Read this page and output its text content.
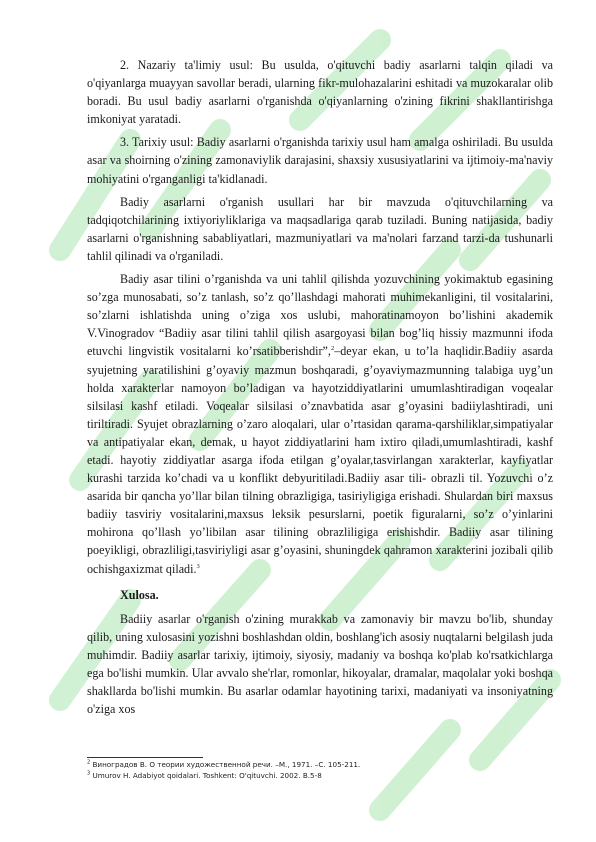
2. Nazariy ta'limiy usul: Bu usulda, o'qituvchi badiy asarlarni talqin qiladi va o'qiyanlarga muayyan savollar beradi, ularning fikr-mulohazalarini eshitadi va muzokaralar olib boradi. Bu usul badiy asarlarni o'rganishda o'qiyanlarning o'zining fikrini shakllantirishga imkoniyat yaratadi.

3. Tarixiy usul: Badiy asarlarni o'rganishda tarixiy usul ham amalga oshiriladi. Bu usulda asar va shoirning o'zining zamonaviylik darajasini, shaxsiy xususiyatlarini va ijtimoiy-ma'naviy mohiyatini o'rganganligi ta'kidlanadi.

Badiy asarlarni o'rganish usullari har bir mavzuda o'qituvchilarning va tadqiqotchilarining ixtiyoriyliklariga va maqsadlariga qarab tuziladi. Buning natijasida, badiy asarlarni o'rganishning sababliyatlari, mazmuniyatlari va ma'nolari farzand tarzi-da tushunarli tahlil qilinadi va o'rganiladi.

Badiy asar tilini o’rganishda va uni tahlil qilishda yozuvchining yokimaktub egasining so’zga munosabati, so’z tanlash, so’z qo’llashdagi mahorati muhimekanligini, til vositalarini, so’zlarni ishlatishda uning o’ziga xos uslubi, mahoratinamoyon bo’lishini akademik V.Vinogradov “Badiiy asar tilini tahlil qilish asargoyasi bilan bog’liq hissiy mazmunni ifoda etuvchi lingvistik vositalarni ko’rsatibberishdir”,$^2$–deyar ekan, u to’la haqlidir.Badiiy asarda syujetning yaratilishini g’oyaviy mazmun boshqaradi, g’oyaviymazmunning talabiga uyg’un holda xarakterlar namoyon bo’ladigan va hayotziddiyatlarini umumlashtiradigan voqealar silsilasi kashf etiladi. Voqealar silsilasi o’znavbatida asar g’oyasini badiiylashtiradi, uni tiriltiradi. Syujet obrazlarning o’zaro aloqalari, ular o’rtasidan qarama-qarshiliklar,simpatiyalar va antipatiyalar ekan, demak, u hayot ziddiyatlarini ham ixtiro qiladi,umumlashtiradi, kashf etadi. hayotiy ziddiyatlar asarga ifoda etilgan g’oyalar,tasvirlangan xarakterlar, kayfiyatlar kurashi tarzida ko’chadi va u konflikt debyuritiladi.Badiiy asar tili- obrazli til. Yozuvchi o’z asarida bir qancha yo’llar bilan tilning obrazligiga, tasiriyligiga erishadi. Shulardan biri maxsus badiiy tasviriy vositalarini,maxsus leksik pesurslarni, poetik figuralarni, so’z o’yinlarini mohirona qo’llash yo’libilan asar tilining obrazliligiga erishishdir. Badiiy asar tilining poeyikligi, obrazliligi,tasviriyligi asar g’oyasini, shuningdek qahramon xarakterini jozibali qilib ochishgaxizmat qiladi.$^3$

Xulosa.

Badiiy asarlar o'rganish o'zining murakkab va zamonaviy bir mavzu bo'lib, shunday qilib, uning xulosasini yozishni boshlashdan oldin, boshlang'ich asosiy nuqtalarni belgilash juda muhimdir. Badiiy asarlar tarixiy, ijtimoiy, siyosiy, madaniy va boshqa ko'plab ko'rsatkichlarga ega bo'lishi mumkin. Ular avvalo she'rlar, romonlar, hikoyalar, dramalar, maqolalar yoki boshqa shakllarda bo'lishi mumkin. Bu asarlar odamlar hayotining tarixi, madaniyati va insoniyatning o'ziga xos

$^2$ Виноградов В. О теории художественной речи. –М., 1971. –С. 105-211.
$^3$ Umurov H. Adabiyot qoidalari. Toshkent: O'qituvchi. 2002. B.5-8
